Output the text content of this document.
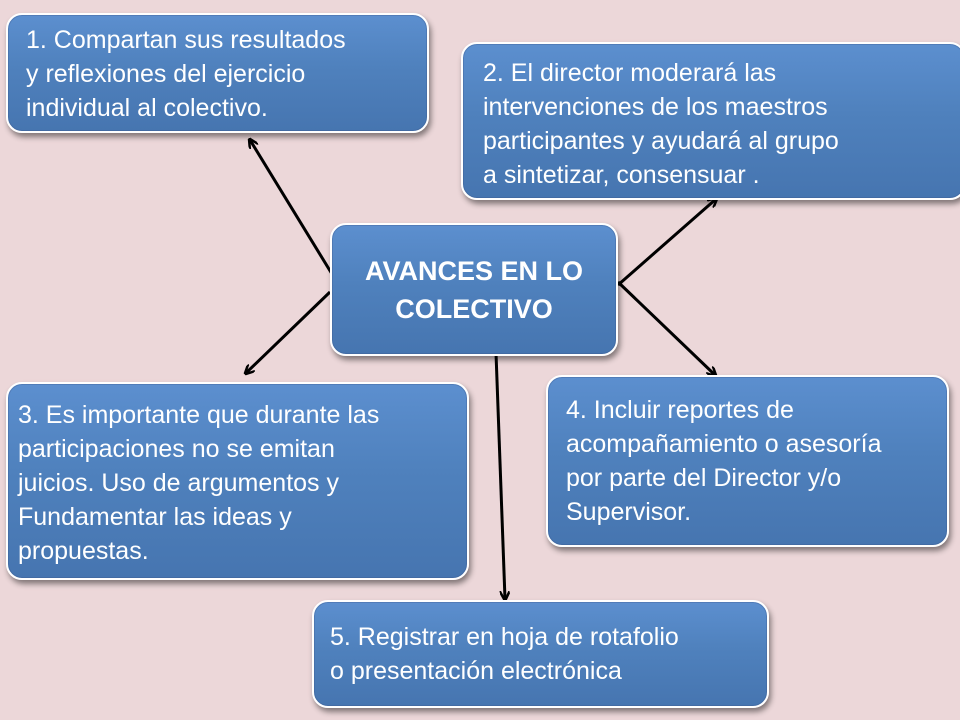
AVANCES EN LO
COLECTIVO
1. Compartan sus resultados
y reflexiones del ejercicio
individual al colectivo.
2. El director moderará las
intervenciones de los maestros
participantes y ayudará al grupo
a sintetizar, consensuar .
3. Es importante que durante las
participaciones no se emitan
juicios. Uso de argumentos y
Fundamentar las ideas y
propuestas.
4. Incluir reportes de
acompañamiento o asesoría
por parte del Director y/o
Supervisor.
5. Registrar en hoja de rotafolio
o presentación electrónica
